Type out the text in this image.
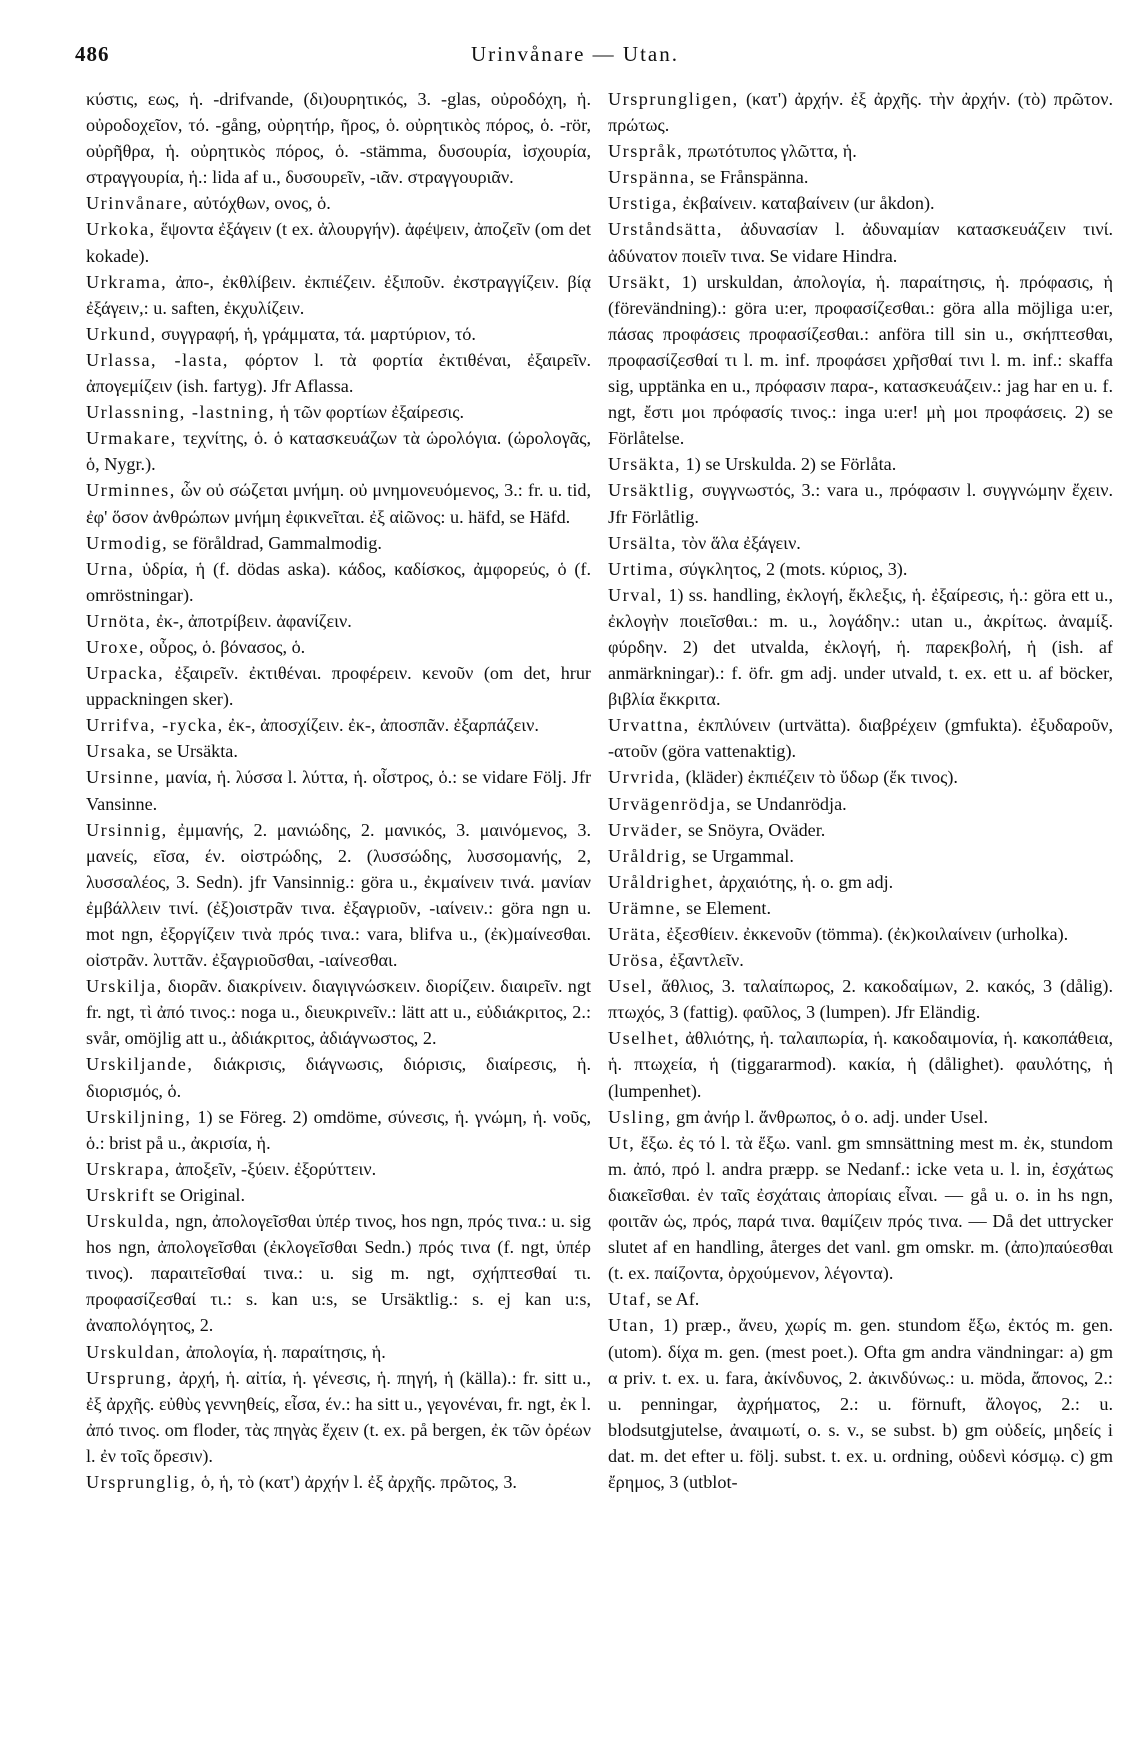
486	Urinvånare — Utan.

κύστις, εως, ἡ. -drifvande, (δι)ουρητικός, 3. -glas, οὐροδόχη, ἡ. οὐροδοχεῖον, τό. -gång, οὐρητήρ, ῆρος, ὁ. οὐρητικὸς πόρος, ὁ. -rör, οὐρῆθρα, ἡ. οὐρητικὸς πόρος, ὁ. -stämma, δυσουρία, ἰσχουρία, στραγγουρία, ἡ.: lida af u., δυσουρεῖν, -ιᾶν. στραγγουριᾶν.

Urinvånare, αὐτόχθων, ονος, ὁ.

Urkoka, ἕψοντα ἐξάγειν (t ex. ἀλουργήν). ἀφέψειν, ἀποζεῖν (om det kokade).

Urkrama, ἀπο-, ἐκθλίβειν. ἐκπιέζειν. ἐξιποῦν. ἐκστραγγίζειν. βίᾳ ἐξάγειν,: u. saften, ἐκχυλίζειν.

Urkund, συγγραφή, ἡ, γράμματα, τά. μαρτύριον, τό.

Urlassa, -lasta, φόρτον l. τὰ φορτία ἐκτιθέναι, ἐξαιρεῖν. ἀπογεμίζειν (ish. fartyg). Jfr Aflassa.

Urlassning, -lastning, ἡ τῶν φορτίων ἐξαίρεσις.

Urmakare, τεχνίτης, ὁ. ὁ κατασκευάζων τὰ ὡρολόγια. (ὡρολογᾶς, ὁ, Nygr.).

Urminnes, ὧν οὐ σώζεται μνήμη. οὐ μνημονευόμενος, 3.: fr. u. tid, ἐφ' ὅσον ἀνθρώπων μνήμη ἐφικνεῖται. ἐξ αἰῶνος: u. häfd, se Häfd.

Urmodig, se föråldrad, Gammalmodig.

Urna, ὑδρία, ἡ (f. dödas aska). κάδος, καδίσκος, ἀμφορεύς, ὁ (f. omröstningar).

Urnöta, ἐκ-, ἀποτρίβειν. ἀφανίζειν.

Uroxe, οὖρος, ὁ. βόνασος, ὁ.

Urpacka, ἐξαιρεῖν. ἐκτιθέναι. προφέρειν. κενοῦν (om det, hrur uppackningen sker).

Urrifva, -rycka, ἐκ-, ἀποσχίζειν. ἐκ-, ἀποσπᾶν. ἐξαρπάζειν.

Ursaka, se Ursäkta.

Ursinne, μανία, ἡ. λύσσα l. λύττα, ἡ. οἶστρος, ὁ.: se vidare Följ. Jfr Vansinne.

Ursinnig, ἐμμανής, 2. μανιώδης, 2. μανικός, 3. μαινόμενος, 3. μανείς, εῖσα, έν. οἰστρώδης, 2. (λυσσώδης, λυσσομανής, 2, λυσσαλέος, 3. Sedn). jfr Vansinnig.: göra u., ἐκμαίνειν τινά. μανίαν ἐμβάλλειν τινί. (ἐξ)οιστρᾶν τινα. ἐξαγριοῦν, -ιαίνειν.: göra ngn u. mot ngn, ἐξοργίζειν τινὰ πρός τινα.: vara, blifva u., (ἐκ)μαίνεσθαι. οἰστρᾶν. λυττᾶν. ἐξαγριοῦσθαι, -ιαίνεσθαι.

Urskilja, διορᾶν. διακρίνειν. διαγιγνώσκειν. διορίζειν. διαιρεῖν. ngt fr. ngt, τὶ ἀπό τινος.: noga u., διευκρινεῖν.: lätt att u., εὐδιάκριτος, 2.: svår, omöjlig att u., ἀδιάκριτος, ἀδιάγνωστος, 2.

Urskiljande, διάκρισις, διάγνωσις, διόρισις, διαίρεσις, ἡ. διορισμός, ὁ.

Urskiljning, 1) se Föreg. 2) omdöme, σύνεσις, ἡ. γνώμη, ἡ. νοῦς, ὁ.: brist på u., ἀκρισία, ἡ.

Urskrapa, ἀποξεῖν, -ξύειν. ἐξορύττειν.

Urskrift se Original.

Urskulda, ngn, ἀπολογεῖσθαι ὑπέρ τινος, hos ngn, πρός τινα.: u. sig hos ngn, ἀπολογεῖσθαι (ἐκλογεῖσθαι Sedn.) πρός τινα (f. ngt, ὑπέρ τινος). παραιτεῖσθαί τινα.: u. sig m. ngt, σχήπτεσθαί τι. προφασίζεσθαί τι.: s. kan u:s, se Ursäktlig.: s. ej kan u:s, ἀναπολόγητος, 2.

Urskuldan, ἀπολογία, ἡ. παραίτησις, ἡ.

Ursprung, ἀρχή, ἡ. αἰτία, ἡ. γένεσις, ἡ. πηγή, ἡ (källa).: fr. sitt u., ἐξ ἀρχῆς. εὐθὺς γεννηθείς, εἶσα, έν.: ha sitt u., γεγονέναι, fr. ngt, ἐκ l. ἀπό τινος. om floder, τὰς πηγὰς ἔχειν (t. ex. på bergen, ἐκ τῶν ὀρέων l. ἐν τοῖς ὄρεσιν).

Ursprunglig, ὁ, ἡ, τὸ (κατ') ἀρχήν l. ἐξ ἀρχῆς. πρῶτος, 3.

Ursprungligen, (κατ') ἀρχήν. ἐξ ἀρχῆς. τὴν ἀρχήν. (τὸ) πρῶτον. πρώτως.

Urspråk, πρωτότυπος γλῶττα, ἡ.

Urspänna, se Frånspänna.

Urstiga, ἐκβαίνειν. καταβαίνειν (ur åkdon).

Urståndsätta, ἀδυνασίαν l. ἀδυναμίαν κατασκευάζειν τινί. ἀδύνατον ποιεῖν τινα. Se vidare Hindra.

Ursäkt, 1) urskuldan, ἀπολογία, ἡ. παραίτησις, ἡ. πρόφασις, ἡ (förevändning).: göra u:er, προφασίζεσθαι.: göra alla möjliga u:er, πάσας προφάσεις προφασίζεσθαι.: anföra till sin u., σκήπτεσθαι, προφασίζεσθαί τι l. m. inf. προφάσει χρῆσθαί τινι l. m. inf.: skaffa sig, upptänka en u., πρόφασιν παρα-, κατασκευάζειν.: jag har en u. f. ngt, ἔστι μοι πρόφασίς τινος.: inga u:er! μὴ μοι προφάσεις. 2) se Förlåtelse.

Ursäkta, 1) se Urskulda. 2) se Förlåta.

Ursäktlig, συγγνωστός, 3.: vara u., πρόφασιν l. συγγνώμην ἔχειν. Jfr Förlåtlig.

Ursälta, τὸν ἅλα ἐξάγειν.

Urtima, σύγκλητος, 2 (mots. κύριος, 3).

Urval, 1) ss. handling, ἐκλογή, ἔκλεξις, ἡ. ἐξαίρεσις, ἡ.: göra ett u., ἐκλογὴν ποιεῖσθαι.: m. u., λογάδην.: utan u., ἀκρίτως. ἀναμίξ. φύρδην. 2) det utvalda, ἐκλογή, ἡ. παρεκβολή, ἡ (ish. af anmärkningar).: f. öfr. gm adj. under utvald, t. ex. ett u. af böcker, βιβλία ἔκκριτα.

Urvattna, ἐκπλύνειν (urtvätta). διαβρέχειν (gmfukta). ἐξυδαροῦν, -ατοῦν (göra vattenaktig).

Urvrida, (kläder) ἐκπιέζειν τὸ ὕδωρ (ἔκ τινος).

Urvägenrödja, se Undanrödja.

Urväder, se Snöyra, Oväder.

Uråldrig, se Urgammal.

Uråldrighet, ἀρχαιότης, ἡ. o. gm adj.

Urämne, se Element.

Uräta, ἐξεσθίειν. ἐκκενοῦν (tömma). (ἐκ)κοιλαίνειν (urholka).

Urösa, ἐξαντλεῖν.

Usel, ἄθλιος, 3. ταλαίπωρος, 2. κακοδαίμων, 2. κακός, 3 (dålig). πτωχός, 3 (fattig). φαῦλος, 3 (lumpen). Jfr Eländig.

Uselhet, ἀθλιότης, ἡ. ταλαιπωρία, ἡ. κακοδαιμονία, ἡ. κακοπάθεια, ἡ. πτωχεία, ἡ (tiggararmod). κακία, ἡ (dålighet). φαυλότης, ἡ (lumpenhet).

Usling, gm ἀνήρ l. ἄνθρωπος, ὁ o. adj. under Usel.

Ut, ἔξω. ἐς τό l. τὰ ἔξω. vanl. gm smnsättning mest m. ἐκ, stundom m. ἀπό, πρό l. andra præpp. se Nedanf.: icke veta u. l. in, ἐσχάτως διακεῖσθαι. ἐν ταῖς ἐσχάταις ἀπορίαις εἶναι. — gå u. o. in hs ngn, φοιτᾶν ὡς, πρός, παρά τινα. θαμίζειν πρός τινα. — Då det uttrycker slutet af en handling, återges det vanl. gm omskr. m. (ἀπο)παύεσθαι (t. ex. παίζοντα, ὀρχούμενον, λέγοντα).

Utaf, se Af.

Utan, 1) præp., ἄνευ, χωρίς m. gen. stundom ἔξω, ἐκτός m. gen. (utom). δίχα m. gen. (mest poet.). Ofta gm andra vändningar: a) gm α priv. t. ex. u. fara, ἀκίνδυνος, 2. ἀκινδύνως.: u. möda, ἄπονος, 2.: u. penningar, ἀχρήματος, 2.: u. förnuft, ἄλογος, 2.: u. blodsutgjutelse, ἀναιμωτί, o. s. v., se subst. b) gm οὐδείς, μηδείς i dat. m. det efter u. följ. subst. t. ex. u. ordning, οὐδενὶ κόσμῳ. c) gm ἔρημος, 3 (utblot-
